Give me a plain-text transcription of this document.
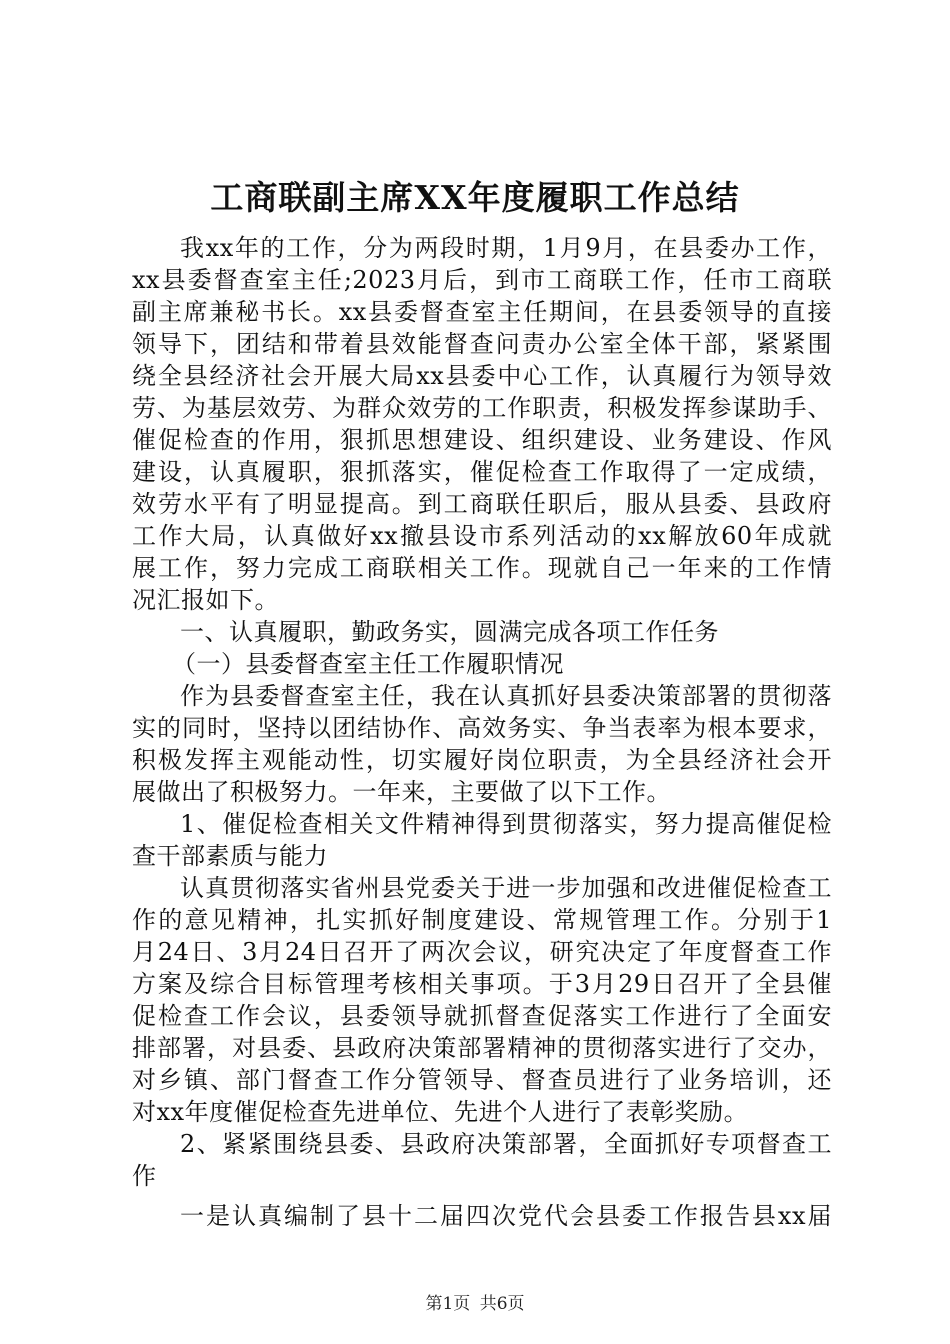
工商联副主席XX年度履职工作总结
我xx年的工作，分为两段时期，1月9月，在县委办工作，
xx县委督查室主任;2023月后，到市工商联工作，任市工商联
副主席兼秘书长。xx县委督查室主任期间，在县委领导的直接
领导下，团结和带着县效能督查问责办公室全体干部，紧紧围
绕全县经济社会开展大局xx县委中心工作，认真履行为领导效
劳、为基层效劳、为群众效劳的工作职责，积极发挥参谋助手、
催促检查的作用，狠抓思想建设、组织建设、业务建设、作风
建设，认真履职，狠抓落实，催促检查工作取得了一定成绩，
效劳水平有了明显提高。到工商联任职后，服从县委、县政府
工作大局，认真做好xx撤县设市系列活动的xx解放60年成就
展工作，努力完成工商联相关工作。现就自己一年来的工作情
况汇报如下。
一、认真履职，勤政务实，圆满完成各项工作任务
（一）县委督查室主任工作履职情况
作为县委督查室主任，我在认真抓好县委决策部署的贯彻落
实的同时，坚持以团结协作、高效务实、争当表率为根本要求，
积极发挥主观能动性，切实履好岗位职责，为全县经济社会开
展做出了积极努力。一年来，主要做了以下工作。
1、催促检查相关文件精神得到贯彻落实，努力提高催促检
查干部素质与能力
认真贯彻落实省州县党委关于进一步加强和改进催促检查工
作的意见精神，扎实抓好制度建设、常规管理工作。分别于1
月24日、3月24日召开了两次会议，研究决定了年度督查工作
方案及综合目标管理考核相关事项。于3月29日召开了全县催
促检查工作会议，县委领导就抓督查促落实工作进行了全面安
排部署，对县委、县政府决策部署精神的贯彻落实进行了交办，
对乡镇、部门督查工作分管领导、督查员进行了业务培训，还
对xx年度催促检查先进单位、先进个人进行了表彰奖励。
2、紧紧围绕县委、县政府决策部署，全面抓好专项督查工
作
一是认真编制了县十二届四次党代会县委工作报告县xx届
第1页 共6页
